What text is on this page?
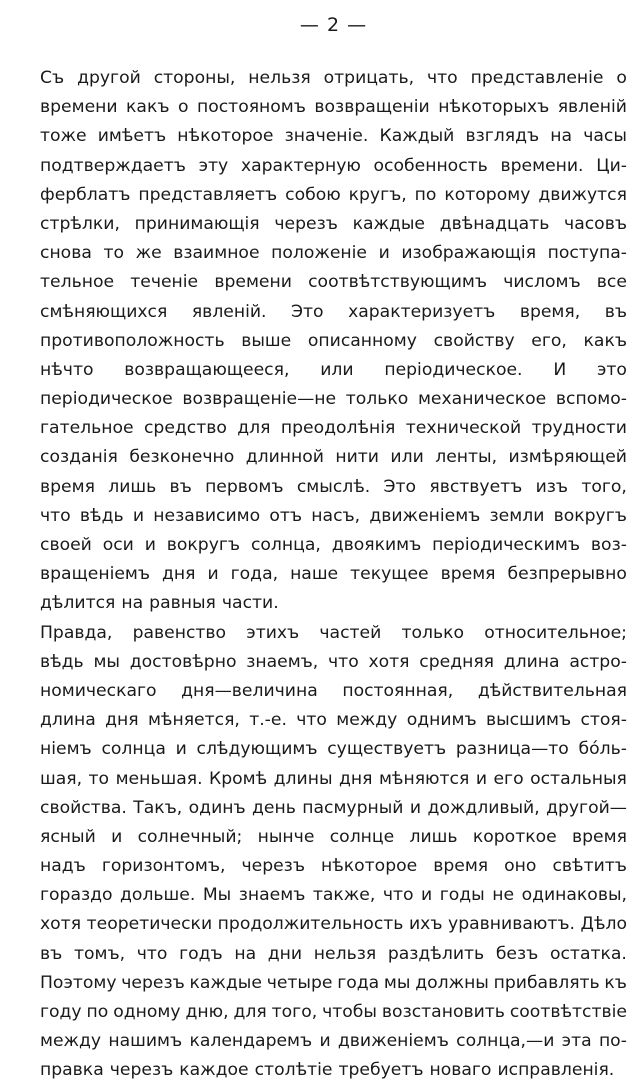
— 2 —
Съ другой стороны, нельзя отрицать, что представленіе о
времени какъ о постояномъ возвращеніи нѣкоторыхъ явленій
тоже имѣетъ нѣкоторое значеніе. Каждый взглядъ на часы
подтверждаетъ эту характерную особенность времени. Ци-
ферблатъ представляетъ собою кругъ, по которому движутся
стрѣлки, принимающія черезъ каждые двѣнадцать часовъ
снова то же взаимное положеніе и изображающія поступа-
тельное теченіе времени соотвѣтствующимъ числомъ все
смѣняющихся явленій. Это характеризуетъ время, въ
противоположность выше описанному свойству его, какъ
нѣчто возвращающееся, или періодическое. И это
періодическое возвращеніе—не только механическое вспомо-
гательное средство для преодолѣнія технической трудности
созданія безконечно длинной нити или ленты, измѣряющей
время лишь въ первомъ смыслѣ. Это явствуетъ изъ того,
что вѣдь и независимо отъ насъ, движеніемъ земли вокругъ
своей оси и вокругъ солнца, двоякимъ періодическимъ воз-
вращеніемъ дня и года, наше текущее время безпрерывно
дѣлится на равныя части.
Правда, равенство этихъ частей только относительное;
вѣдь мы достовѣрно знаемъ, что хотя средняя длина астро-
номическаго дня—величина постоянная, дѣйствительная
длина дня мѣняется, т.-е. что между однимъ высшимъ стоя-
ніемъ солнца и слѣдующимъ существуетъ разница—то бóль-
шая, то меньшая. Кромѣ длины дня мѣняются и его остальныя
свойства. Такъ, одинъ день пасмурный и дождливый, другой—
ясный и солнечный; нынче солнце лишь короткое время
надъ горизонтомъ, черезъ нѣкоторое время оно свѣтитъ
гораздо дольше. Мы знаемъ также, что и годы не одинаковы,
хотя теоретически продолжительность ихъ уравниваютъ. Дѣло
въ томъ, что годъ на дни нельзя раздѣлить безъ остатка.
Поэтому черезъ каждые четыре года мы должны прибавлять къ
году по одному дню, для того, чтобы возстановить соотвѣтствіе
между нашимъ календаремъ и движеніемъ солнца,—и эта по-
правка черезъ каждое столѣтіе требуетъ новаго исправленія.
